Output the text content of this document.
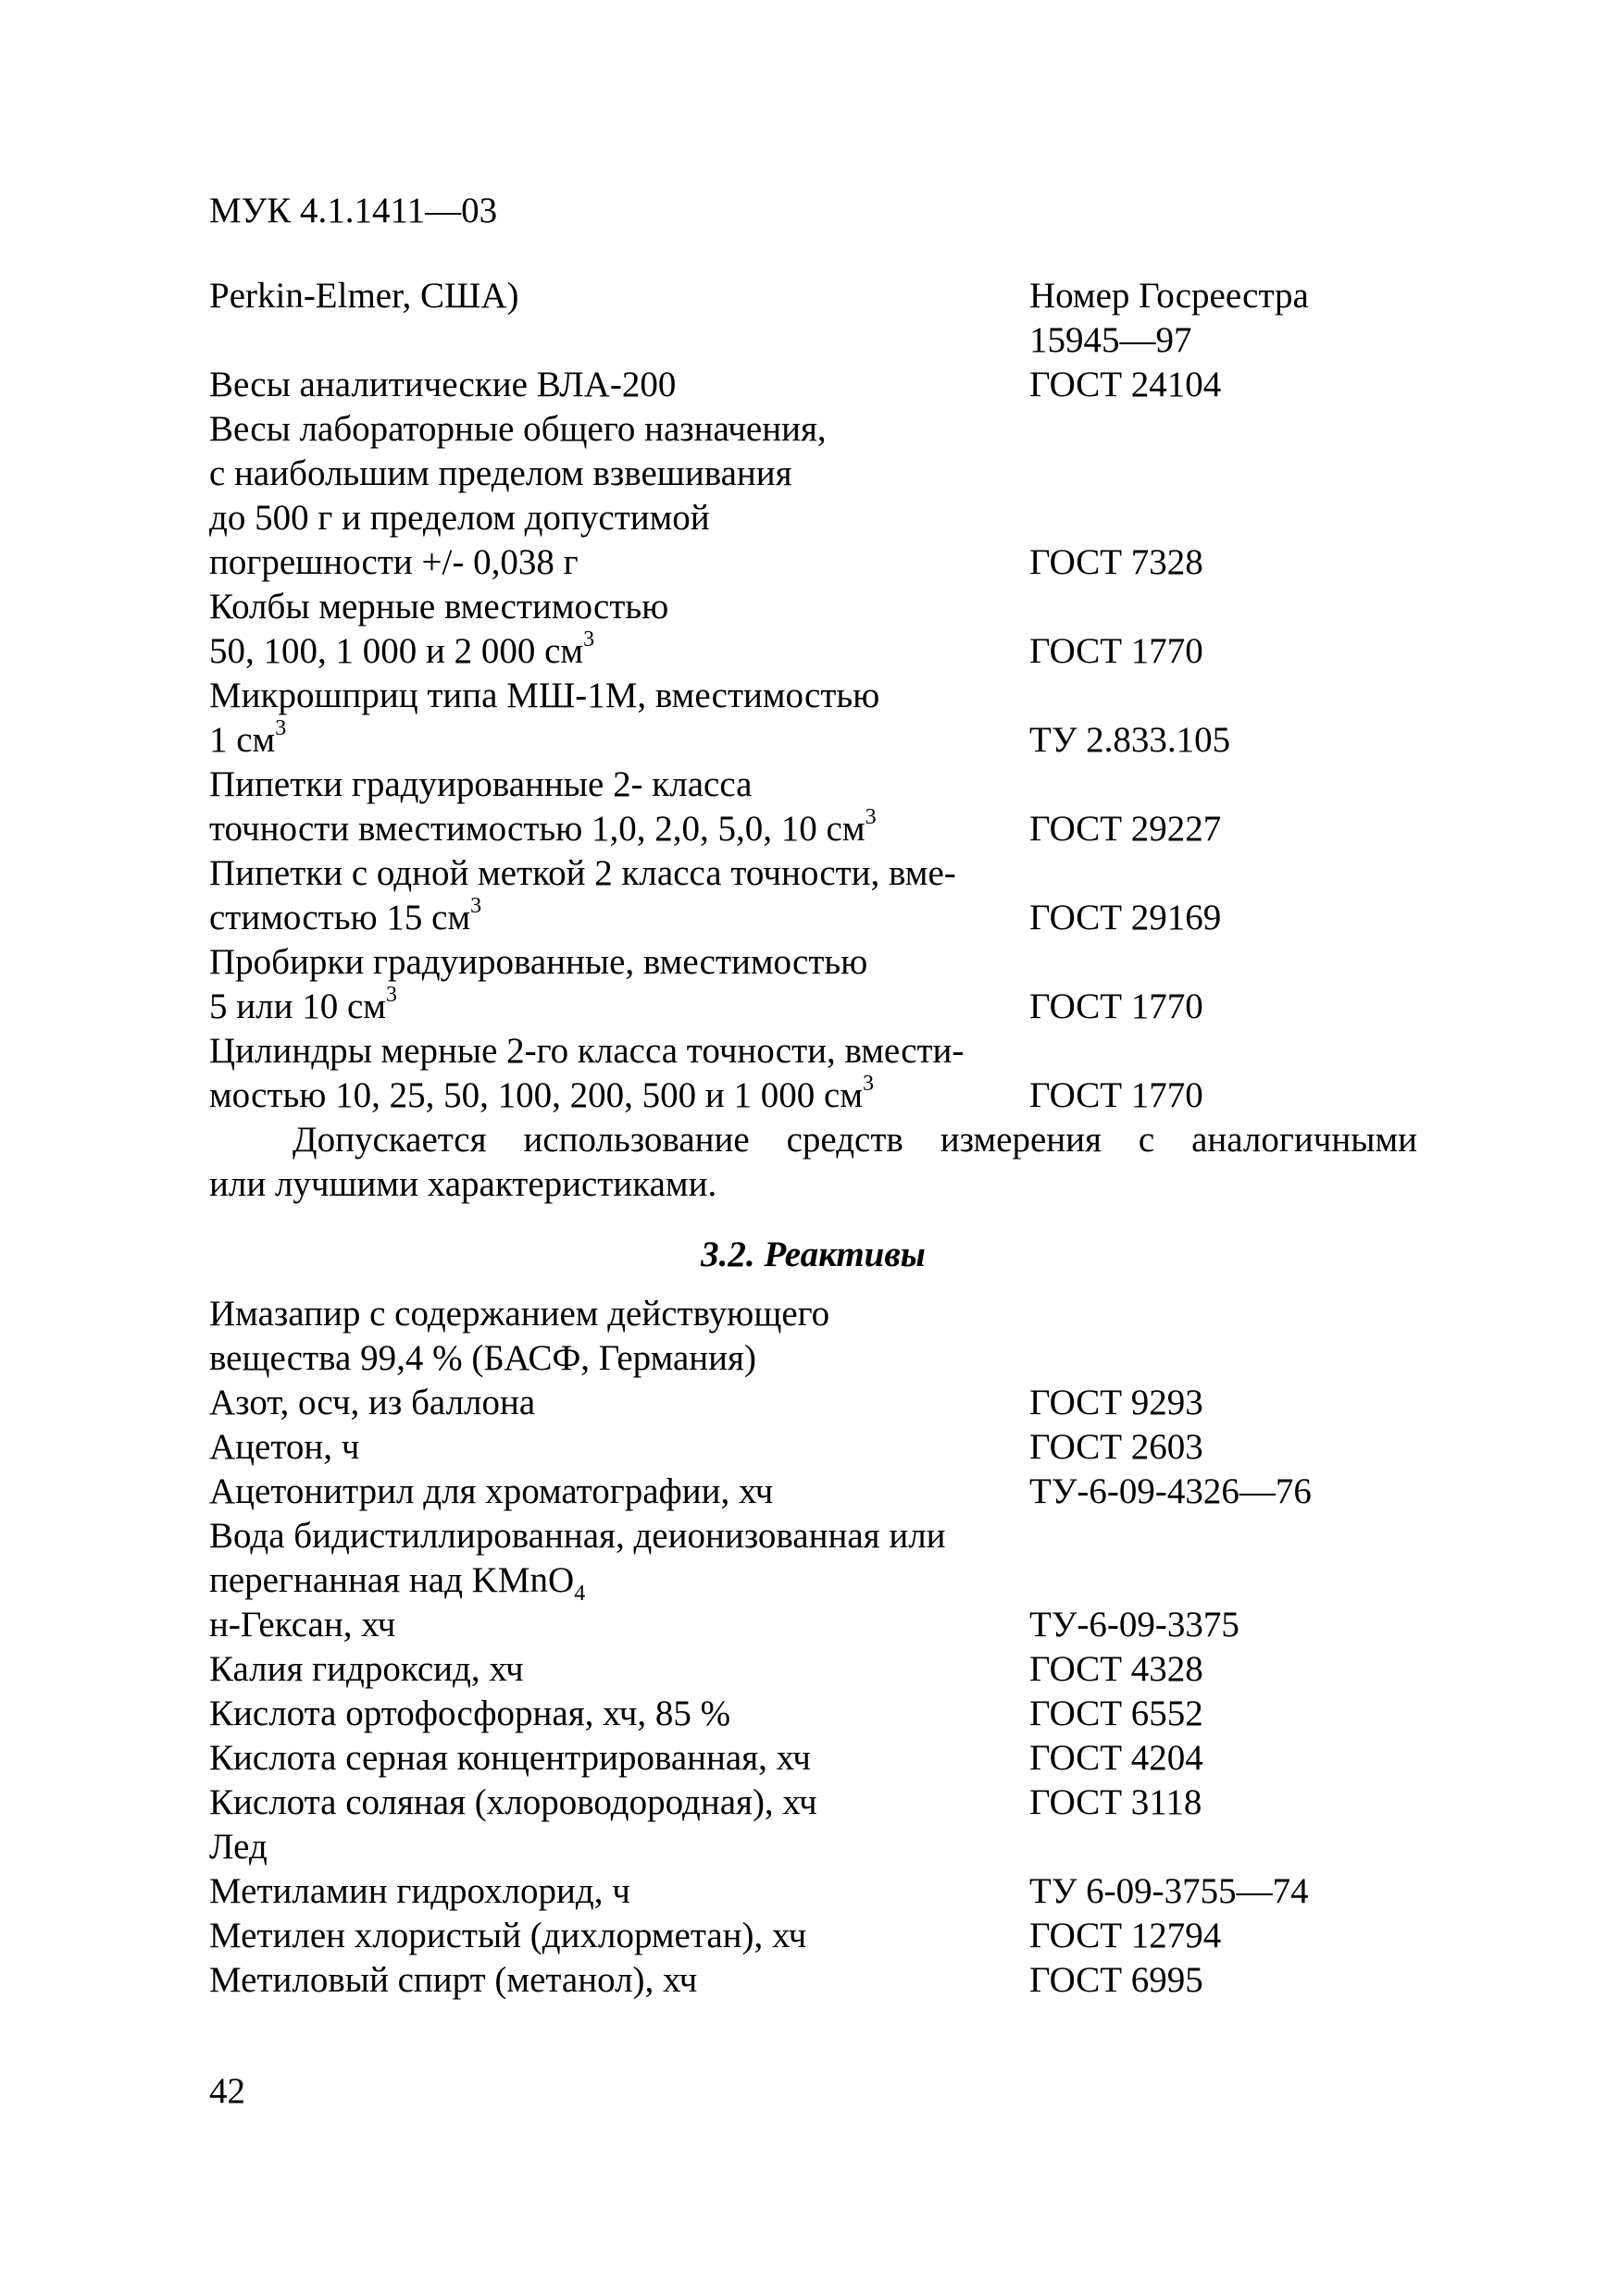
МУК 4.1.1411—03
Perkin-Elmer, США)	Номер Госреестра
15945—97
Весы аналитические ВЛА-200	ГОСТ 24104
Весы лабораторные общего назначения,
с наибольшим пределом взвешивания
до 500 г и пределом допустимой
погрешности +/- 0,038 г	ГОСТ 7328
Колбы мерные вместимостью
50, 100, 1 000 и 2 000 $см^3$	ГОСТ 1770
Микрошприц типа МШ-1М, вместимостью
1 $см^3$	ТУ 2.833.105
Пипетки градуированные 2- класса
точности вместимостью 1,0, 2,0, 5,0, 10 $см^3$	ГОСТ 29227
Пипетки с одной меткой 2 класса точности, вме-
стимостью 15 $см^3$	ГОСТ 29169
Пробирки градуированные, вместимостью
5 или 10 $см^3$	ГОСТ 1770
Цилиндры мерные 2-го класса точности, вмести-
мостью 10, 25, 50, 100, 200, 500 и 1 000 $см^3$	ГОСТ 1770
Допускается использование средств измерения с аналогичными
или лучшими характеристиками.
3.2. Реактивы
Имазапир с содержанием действующего
вещества 99,4 % (БАСФ, Германия)
Азот, осч, из баллона	ГОСТ 9293
Ацетон, ч	ГОСТ 2603
Ацетонитрил для хроматографии, хч	ТУ-6-09-4326—76
Вода бидистиллированная, деионизованная или
перегнанная над KMnO$_4$
н-Гексан, хч	ТУ-6-09-3375
Калия гидроксид, хч	ГОСТ 4328
Кислота ортофосфорная, хч, 85 %	ГОСТ 6552
Кислота серная концентрированная, хч	ГОСТ 4204
Кислота соляная (хлороводородная), хч	ГОСТ 3118
Лед
Метиламин гидрохлорид, ч	ТУ 6-09-3755—74
Метилен хлористый (дихлорметан), хч	ГОСТ 12794
Метиловый спирт (метанол), хч	ГОСТ 6995
42
